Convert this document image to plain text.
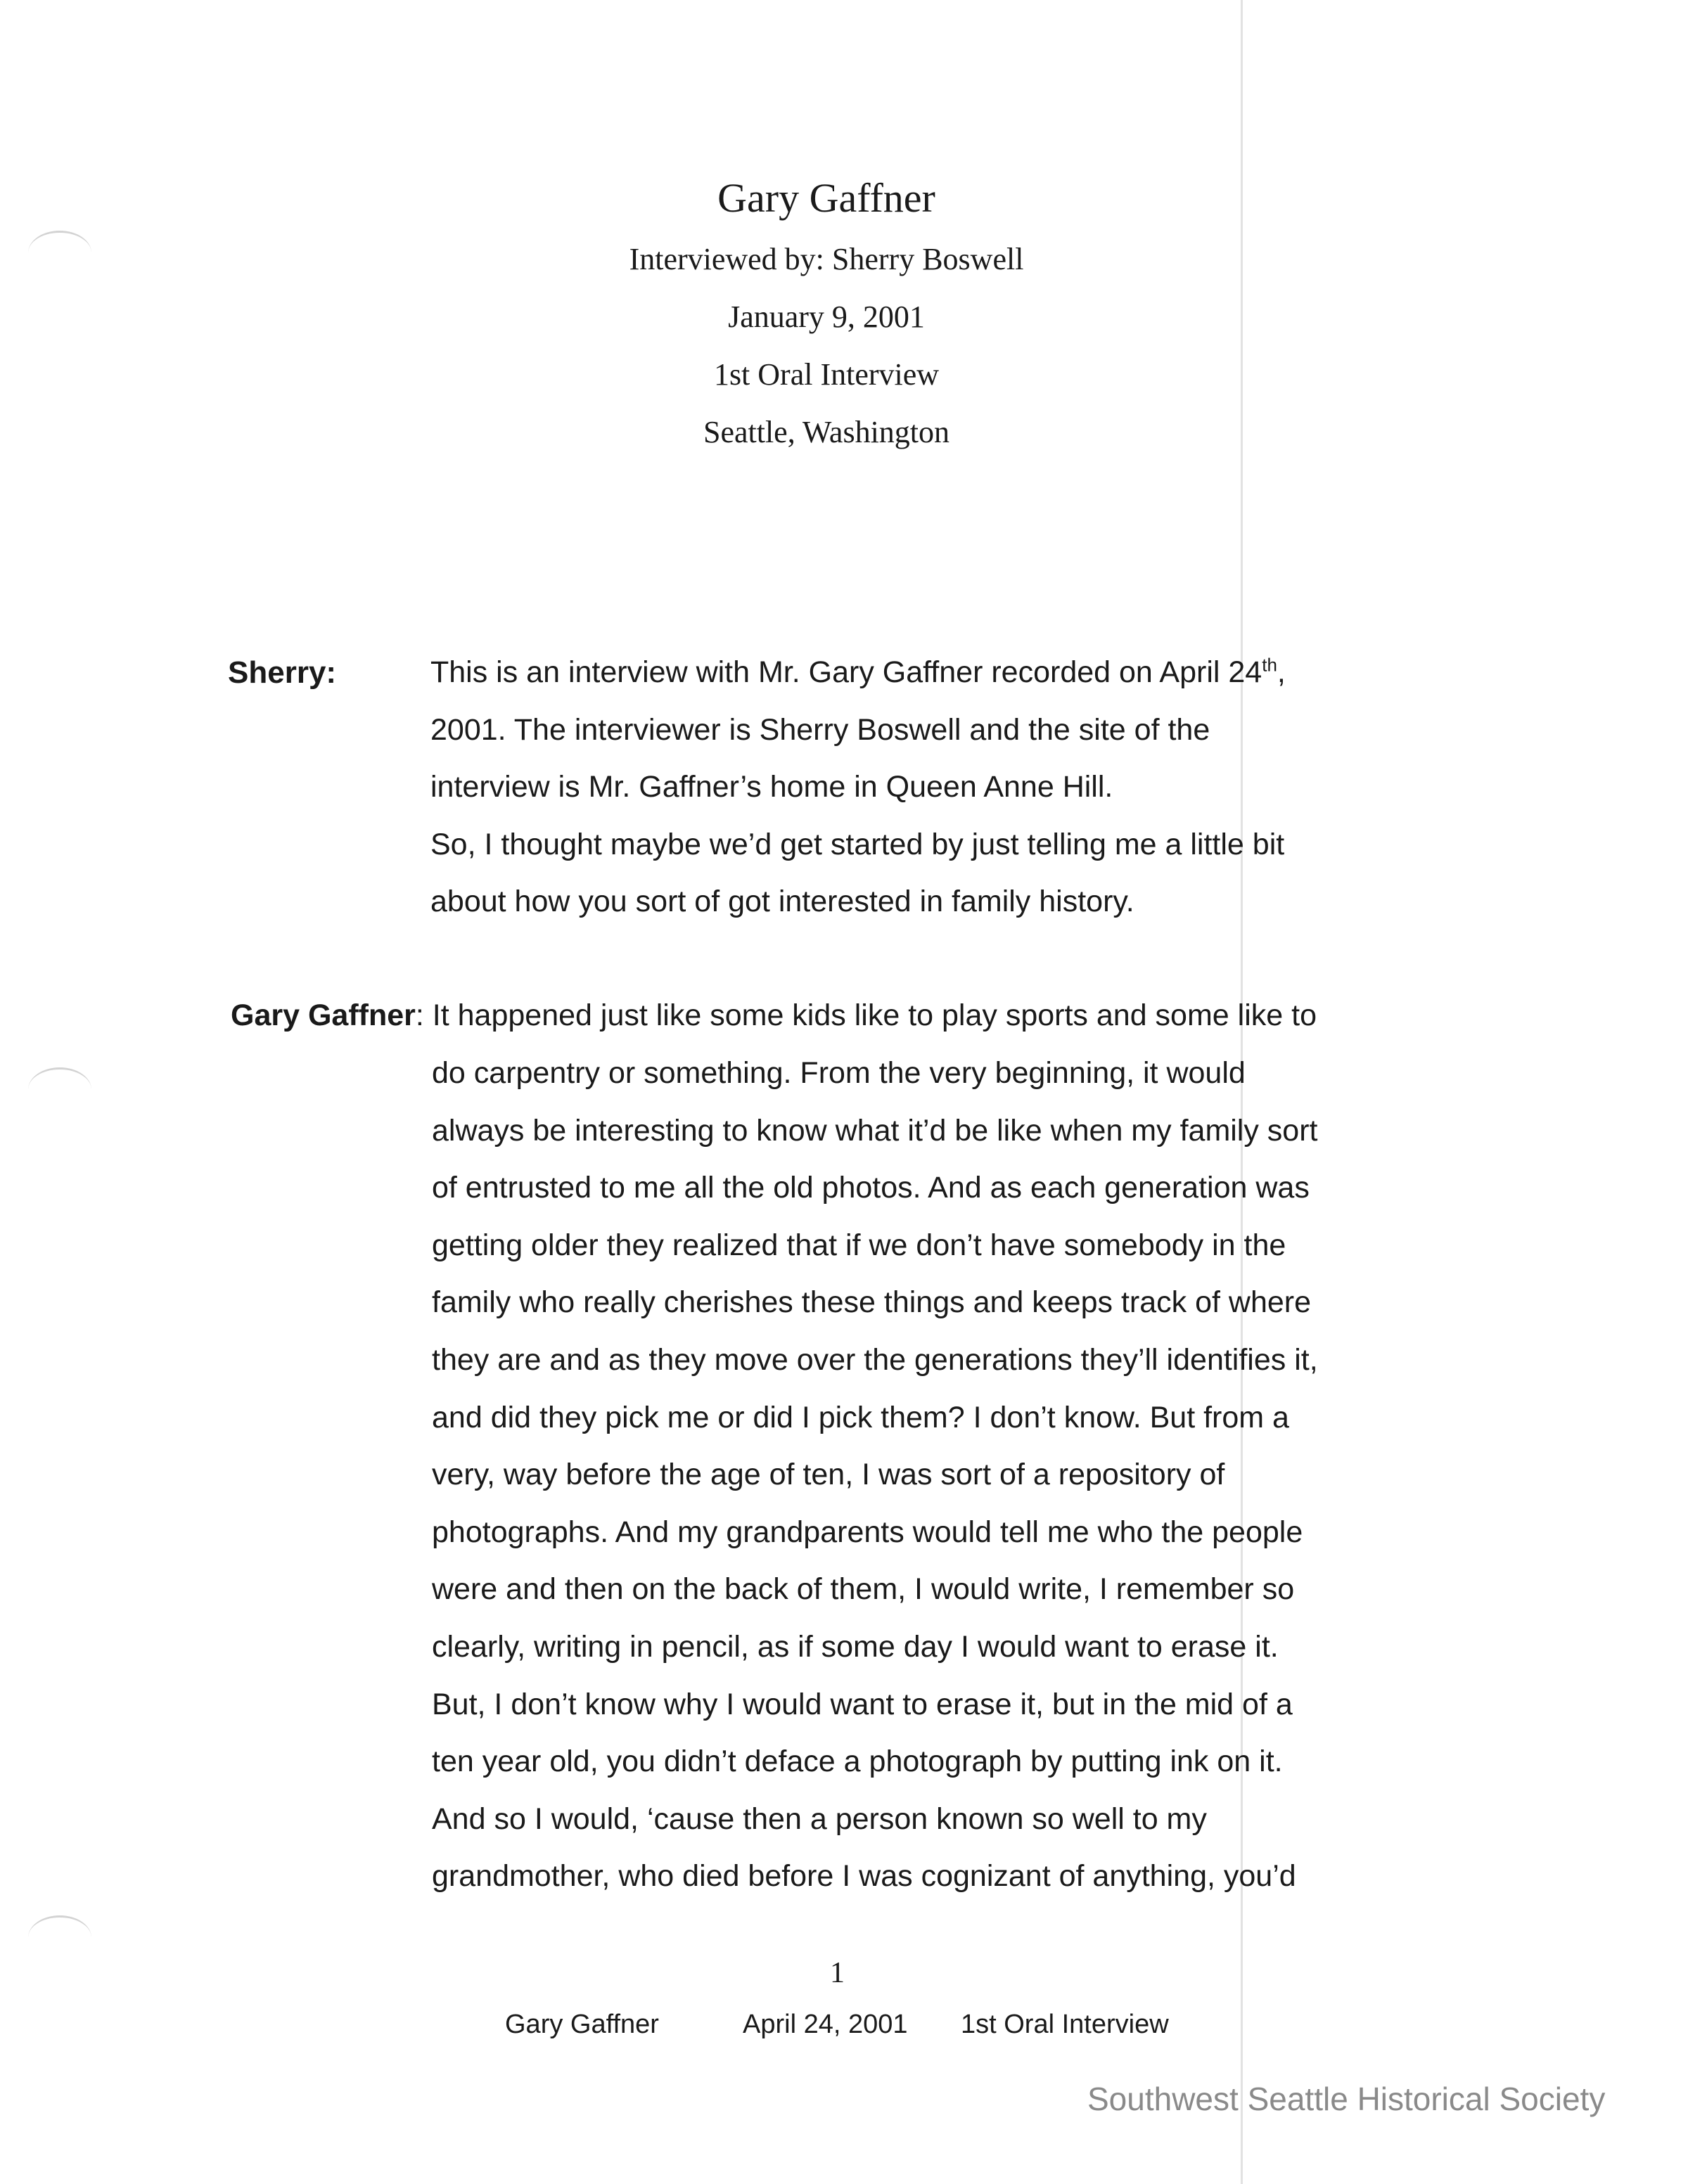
Gary Gaffner
Interviewed by: Sherry Boswell
January 9, 2001
1st Oral Interview
Seattle, Washington
Sherry:	This is an interview with Mr. Gary Gaffner recorded on April 24th,
2001. The interviewer is Sherry Boswell and the site of the
interview is Mr. Gaffner’s home in Queen Anne Hill.
So, I thought maybe we’d get started by just telling me a little bit
about how you sort of got interested in family history.
Gary Gaffner: It happened just like some kids like to play sports and some like to
do carpentry or something. From the very beginning, it would
always be interesting to know what it’d be like when my family sort
of entrusted to me all the old photos. And as each generation was
getting older they realized that if we don’t have somebody in the
family who really cherishes these things and keeps track of where
they are and as they move over the generations they’ll identifies it,
and did they pick me or did I pick them? I don’t know. But from a
very, way before the age of ten, I was sort of a repository of
photographs. And my grandparents would tell me who the people
were and then on the back of them, I would write, I remember so
clearly, writing in pencil, as if some day I would want to erase it.
But, I don’t know why I would want to erase it, but in the mid of a
ten year old, you didn’t deface a photograph by putting ink on it.
And so I would, ‘cause then a person known so well to my
grandmother, who died before I was cognizant of anything, you’d
1
Gary Gaffner	April 24, 2001 1st Oral Interview
Southwest Seattle Historical Society
